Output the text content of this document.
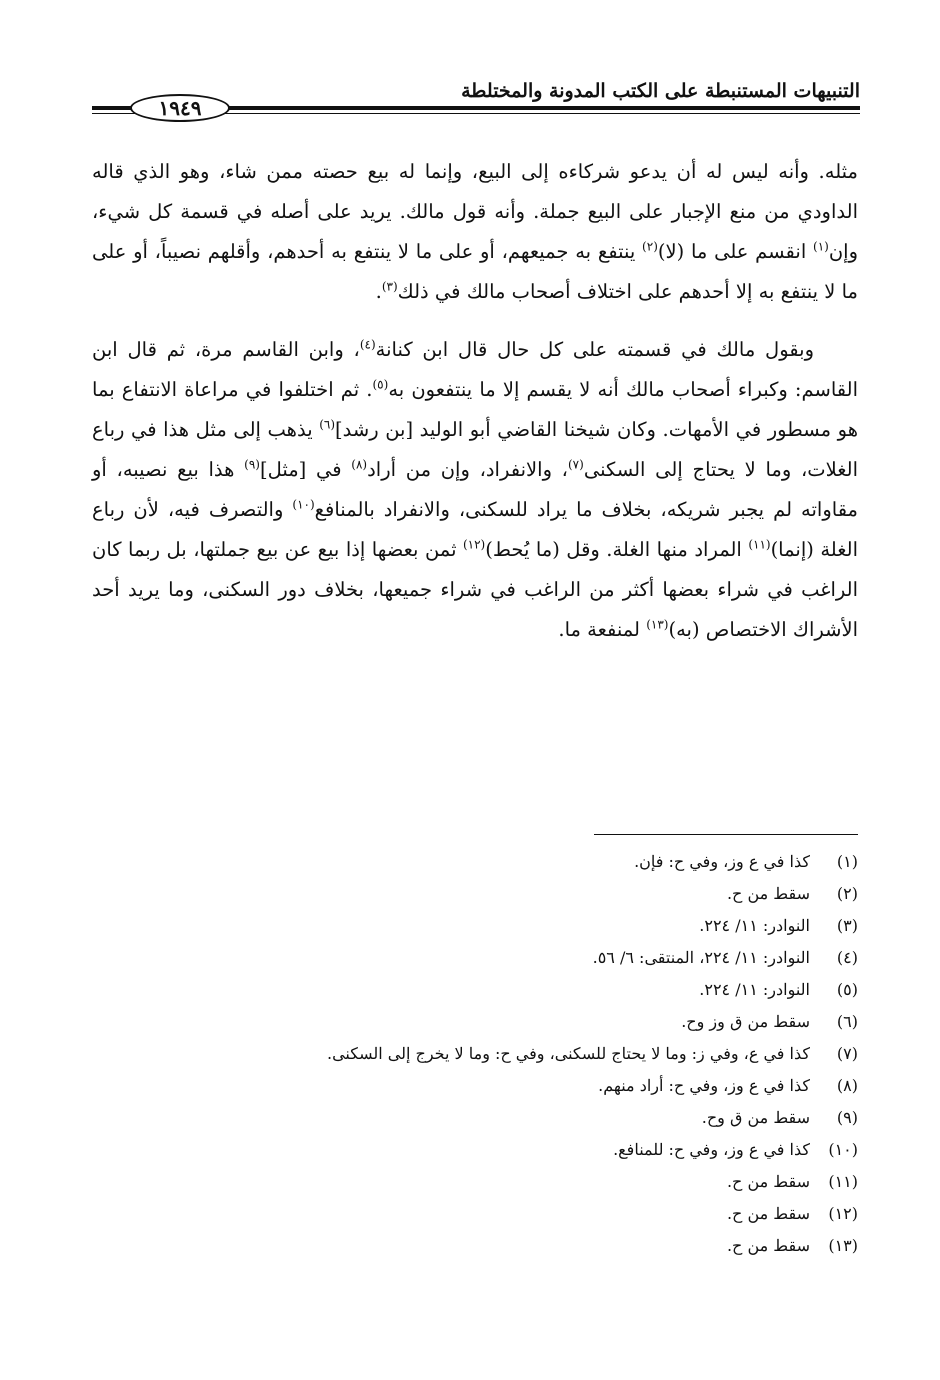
التنبيهات المستنبطة على الكتب المدونة والمختلطة
١٩٤٩

مثله. وأنه ليس له أن يدعو شركاءه إلى البيع، وإنما له بيع حصته ممن شاء، وهو الذي قاله الداودي من منع الإجبار على البيع جملة. وأنه قول مالك. يريد على أصله في قسمة كل شيء، وإن$^{(١)}$ انقسم على ما (لا)$^{(٢)}$ ينتفع به جميعهم، أو على ما لا ينتفع به أحدهم، وأقلهم نصيباً، أو على ما لا ينتفع به إلا أحدهم على اختلاف أصحاب مالك في ذلك$^{(٣)}$.

وبقول مالك في قسمته على كل حال قال ابن كنانة$^{(٤)}$، وابن القاسم مرة، ثم قال ابن القاسم: وكبراء أصحاب مالك أنه لا يقسم إلا ما ينتفعون به$^{(٥)}$. ثم اختلفوا في مراعاة الانتفاع بما هو مسطور في الأمهات. وكان شيخنا القاضي أبو الوليد [بن رشد]$^{(٦)}$ يذهب إلى مثل هذا في رباع الغلات، وما لا يحتاج إلى السكنى$^{(٧)}$، والانفراد، وإن من أراد$^{(٨)}$ في [مثل]$^{(٩)}$ هذا بيع نصيبه، أو مقاواته لم يجبر شريكه، بخلاف ما يراد للسكنى، والانفراد بالمنافع$^{(١٠)}$ والتصرف فيه، لأن رباع الغلة (إنما)$^{(١١)}$ المراد منها الغلة. وقل (ما يُحط)$^{(١٢)}$ ثمن بعضها إذا بيع عن بيع جملتها، بل ربما كان الراغب في شراء بعضها أكثر من الراغب في شراء جميعها، بخلاف دور السكنى، وما يريد أحد الأشراك الاختصاص (به)$^{(١٣)}$ لمنفعة ما.

(١)كذا في ع وز، وفي ح: فإن.
(٢)سقط من ح.
(٣)النوادر: ١١/ ٢٢٤.
(٤)النوادر: ١١/ ٢٢٤، المنتقى: ٦/ ٥٦.
(٥)النوادر: ١١/ ٢٢٤.
(٦)سقط من ق وز وح.
(٧)كذا في ع، وفي ز: وما لا يحتاج للسكنى، وفي ح: وما لا يخرج إلى السكنى.
(٨)كذا في ع وز، وفي ح: أراد منهم.
(٩)سقط من ق وح.
(١٠)كذا في ع وز، وفي ح: للمنافع.
(١١)سقط من ح.
(١٢)سقط من ح.
(١٣)سقط من ح.
